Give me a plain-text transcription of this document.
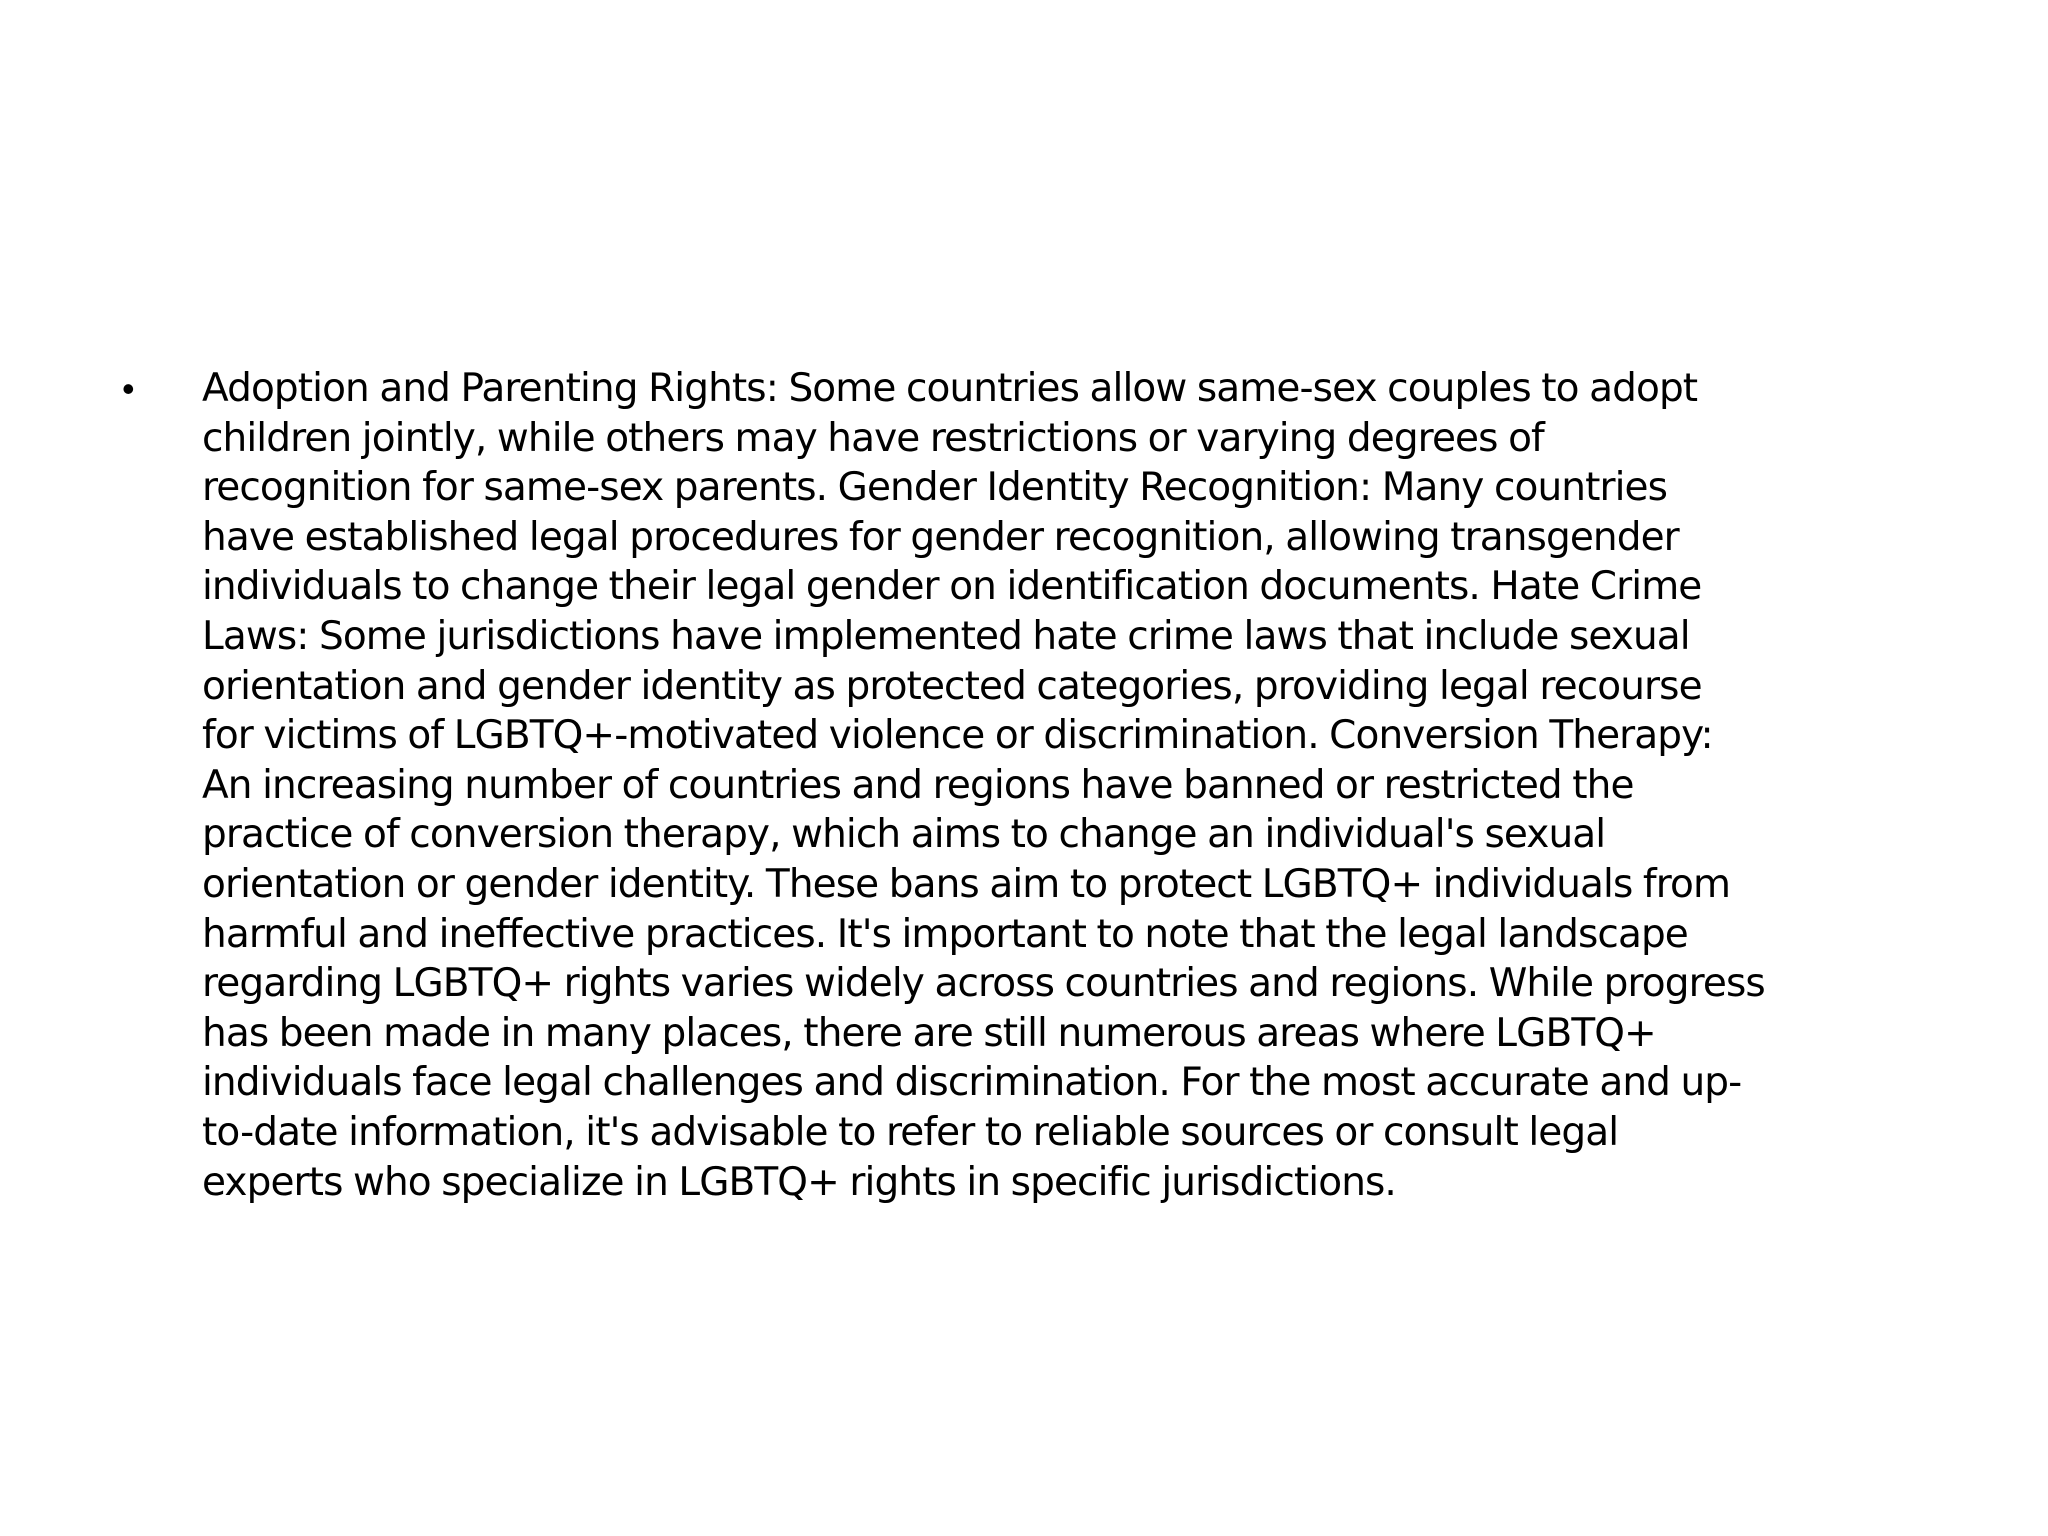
• Adoption and Parenting Rights: Some countries allow same-sex couples to adopt
children jointly, while others may have restrictions or varying degrees of
recognition for same-sex parents. Gender Identity Recognition: Many countries
have established legal procedures for gender recognition, allowing transgender
individuals to change their legal gender on identification documents. Hate Crime
Laws: Some jurisdictions have implemented hate crime laws that include sexual
orientation and gender identity as protected categories, providing legal recourse
for victims of LGBTQ+-motivated violence or discrimination. Conversion Therapy:
An increasing number of countries and regions have banned or restricted the
practice of conversion therapy, which aims to change an individual's sexual
orientation or gender identity. These bans aim to protect LGBTQ+ individuals from
harmful and ineffective practices. It's important to note that the legal landscape
regarding LGBTQ+ rights varies widely across countries and regions. While progress
has been made in many places, there are still numerous areas where LGBTQ+
individuals face legal challenges and discrimination. For the most accurate and up-
to-date information, it's advisable to refer to reliable sources or consult legal
experts who specialize in LGBTQ+ rights in specific jurisdictions.
